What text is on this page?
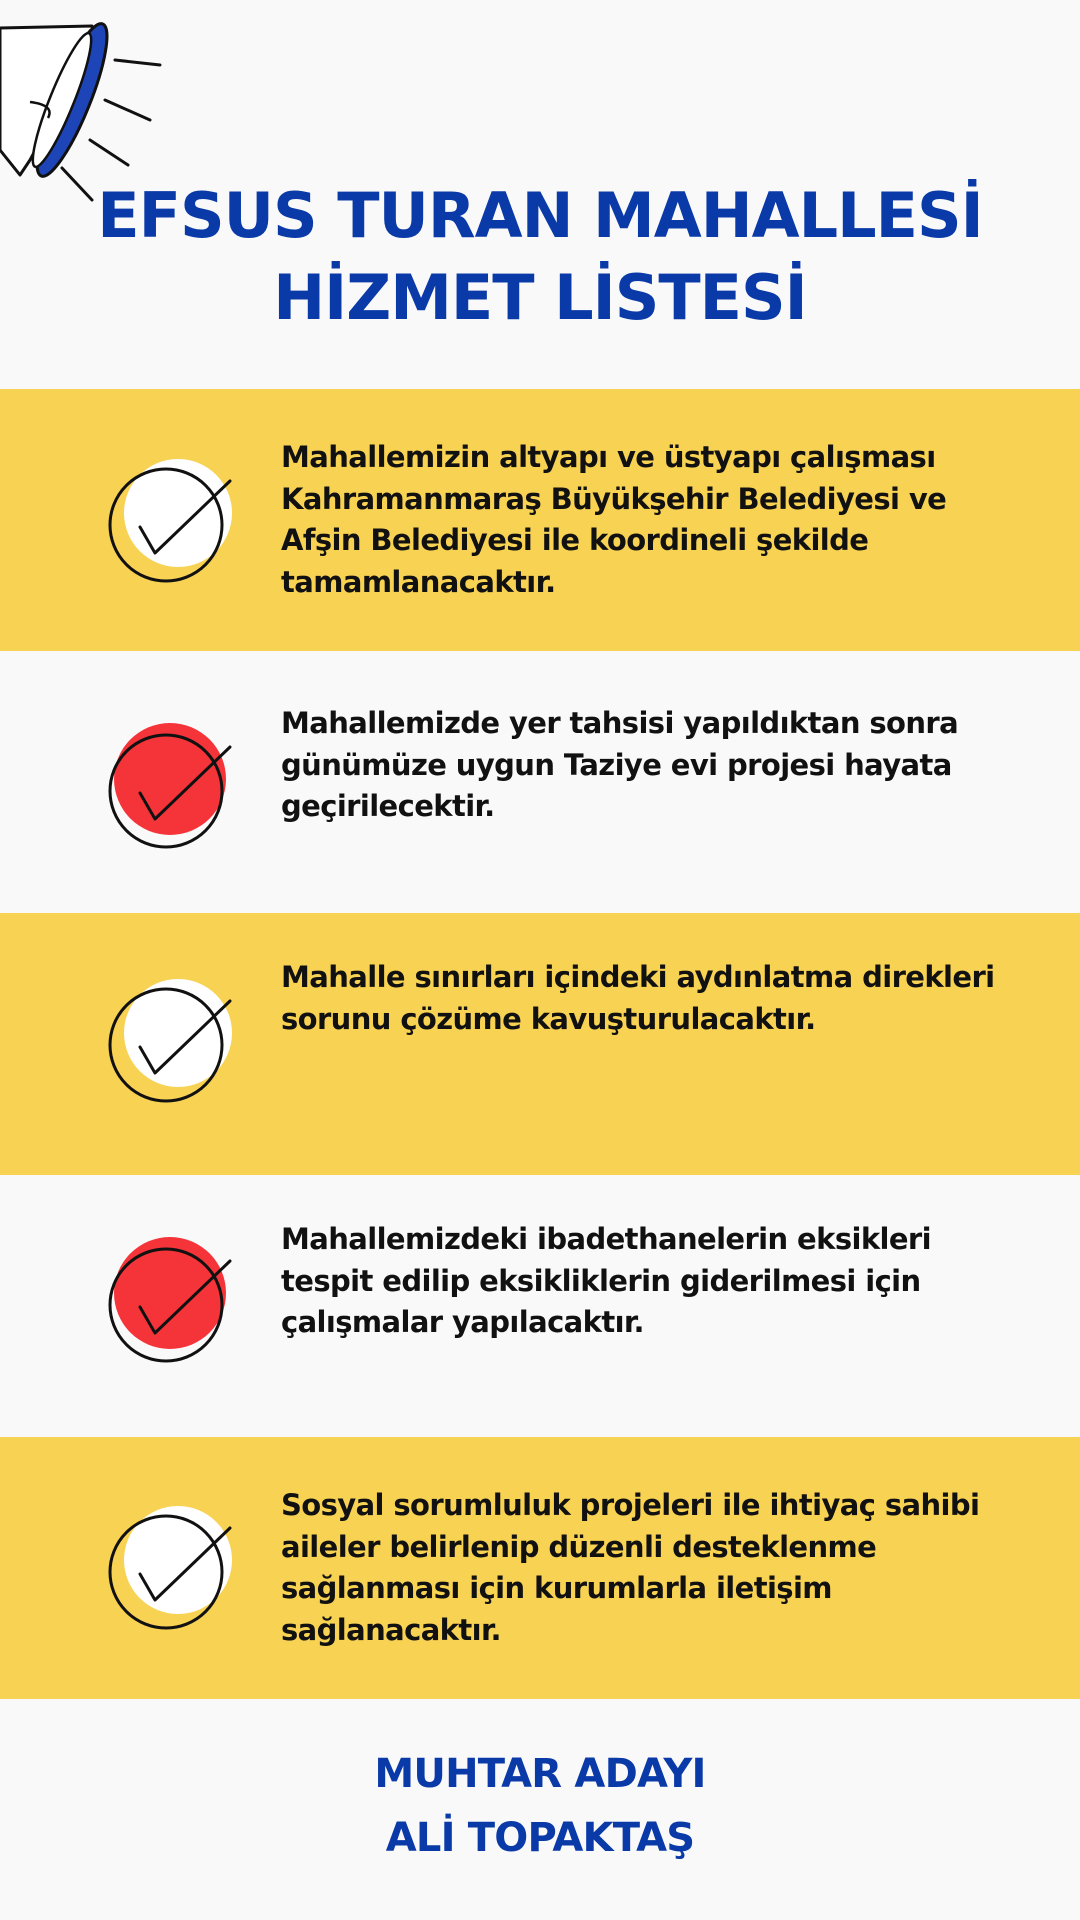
EFSUS TURAN MAHALLESİ
HİZMET LİSTESİ
Mahallemizin altyapı ve üstyapı çalışması
Kahramanmaraş Büyükşehir Belediyesi ve
Afşin Belediyesi ile koordineli şekilde
tamamlanacaktır.
Mahallemizde yer tahsisi yapıldıktan sonra
günümüze uygun Taziye evi projesi hayata
geçirilecektir.
Mahalle sınırları içindeki aydınlatma direkleri
sorunu çözüme kavuşturulacaktır.
Mahallemizdeki ibadethanelerin eksikleri
tespit edilip eksikliklerin giderilmesi için
çalışmalar yapılacaktır.
Sosyal sorumluluk projeleri ile ihtiyaç sahibi
aileler belirlenip düzenli desteklenme
sağlanması için kurumlarla iletişim
sağlanacaktır.
MUHTAR ADAYI
ALİ TOPAKTAŞ
